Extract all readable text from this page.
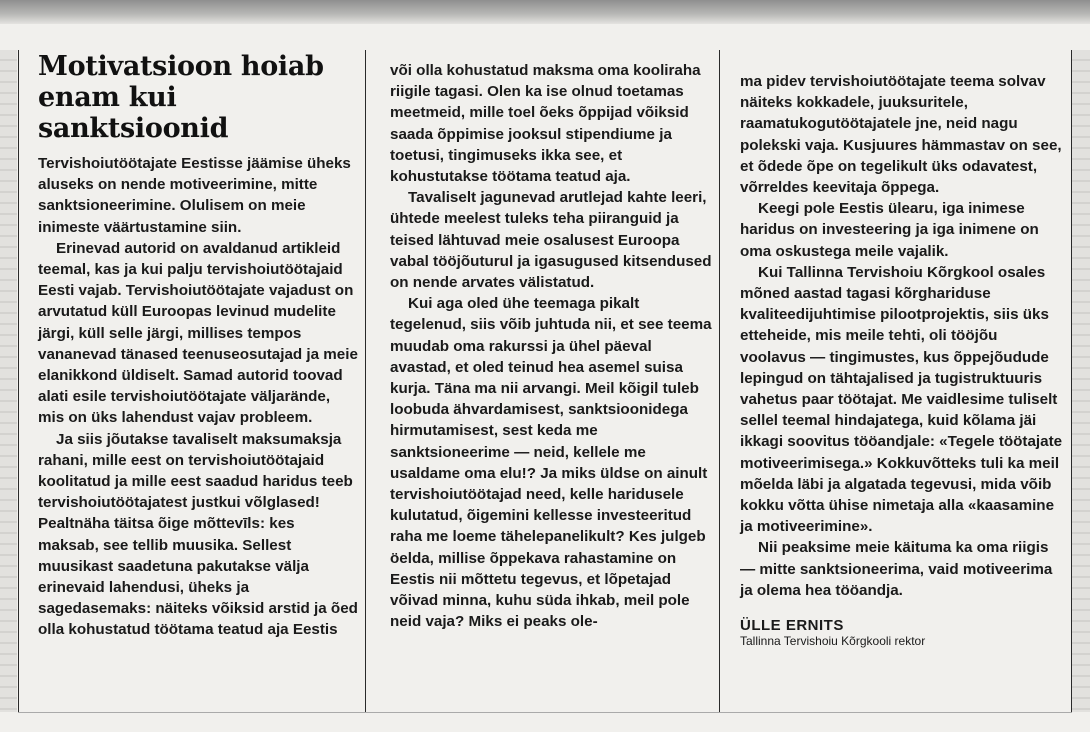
Motivatsioon hoiab enam kui sanktsioonid

Tervishoiutöötajate Eestisse jäämise üheks aluseks on nende motiveerimine, mitte sanktsioneerimine. Olulisem on meie inimeste väärtustamine siin.

Erinevad autorid on avaldanud artikleid teemal, kas ja kui palju tervishoiutöötajaid Eesti vajab. Tervishoiutöötajate vajadust on arvutatud küll Euroopas levinud mudelite järgi, küll selle järgi, millises tempos vananevad tänased teenuseosutajad ja meie elanikkond üldiselt. Samad autorid toovad alati esile tervishoiutöötajate väljarände, mis on üks lahendust vajav probleem.

Ja siis jõutakse tavaliselt maksumaksja rahani, mille eest on tervishoiutöötajaid koolitatud ja mille eest saadud haridus teeb tervishoiutöötajatest justkui võlglased! Pealtnäha täitsa õige mõttevīls: kes maksab, see tellib muusika. Sellest muusikast saadetuna pakutakse välja erinevaid lahendusi, üheks ja sagedasemaks: näiteks võiksid arstid ja õed olla kohustatud töötama teatud aja Eestis

või olla kohustatud maksma oma kooliraha riigile tagasi. Olen ka ise olnud toetamas meetmeid, mille toel õeks õppijad võiksid saada õppimise jooksul stipendiume ja toetusi, tingimuseks ikka see, et kohustutakse töötama teatud aja.

Tavaliselt jagunevad arutlejad kahte leeri, ühtede meelest tuleks teha piiranguid ja teised lähtuvad meie osalusest Euroopa vabal tööjõuturul ja igasugused kitsendused on nende arvates välistatud.

Kui aga oled ühe teemaga pikalt tegelenud, siis võib juhtuda nii, et see teema muudab oma rakurssi ja ühel päeval avastad, et oled teinud hea asemel suisa kurja. Täna ma nii arvangi. Meil kõigil tuleb loobuda ähvardamisest, sanktsioonidega hirmutamisest, sest keda me sanktsioneerime — neid, kellele me usaldame oma elu!? Ja miks üldse on ainult tervishoiutöötajad need, kelle haridusele kulutatud, õigemini kellesse investeeritud raha me loeme tähelepanelikult? Kes julgeb öelda, millise õppekava rahastamine on Eestis nii mõttetu tegevus, et lõpetajad võivad minna, kuhu süda ihkab, meil pole neid vaja? Miks ei peaks ole-

ma pidev tervishoiutöötajate teema solvav näiteks kokkadele, juuksuritele, raamatukogutöötajatele jne, neid nagu polekski vaja. Kusjuures hämmastav on see, et õdede õpe on tegelikult üks odavatest, võrreldes keevitaja õppega.

Keegi pole Eestis ülearu, iga inimese haridus on investeering ja iga inimene on oma oskustega meile vajalik.

Kui Tallinna Tervishoiu Kõrgkool osales mõned aastad tagasi kõrghariduse kvaliteedijuhtimise pilootprojektis, siis üks etteheide, mis meile tehti, oli tööjõu voolavus — tingimustes, kus õppejõudude lepingud on tähtajalised ja tugistruktuuris vahetus paar töötajat. Me vaidlesime tuliselt sellel teemal hindajatega, kuid kõlama jäi ikkagi soovitus tööandjale: «Tegele töötajate motiveerimisega.» Kokkuvõtteks tuli ka meil mõelda läbi ja algatada tegevusi, mida võib kokku võtta ühise nimetaja alla «kaasamine ja motiveerimine».

Nii peaksime meie käituma ka oma riigis — mitte sanktsioneerima, vaid motiveerima ja olema hea tööandja.

ÜLLE ERNITS
Tallinna Tervishoiu Kõrgkooli rektor
